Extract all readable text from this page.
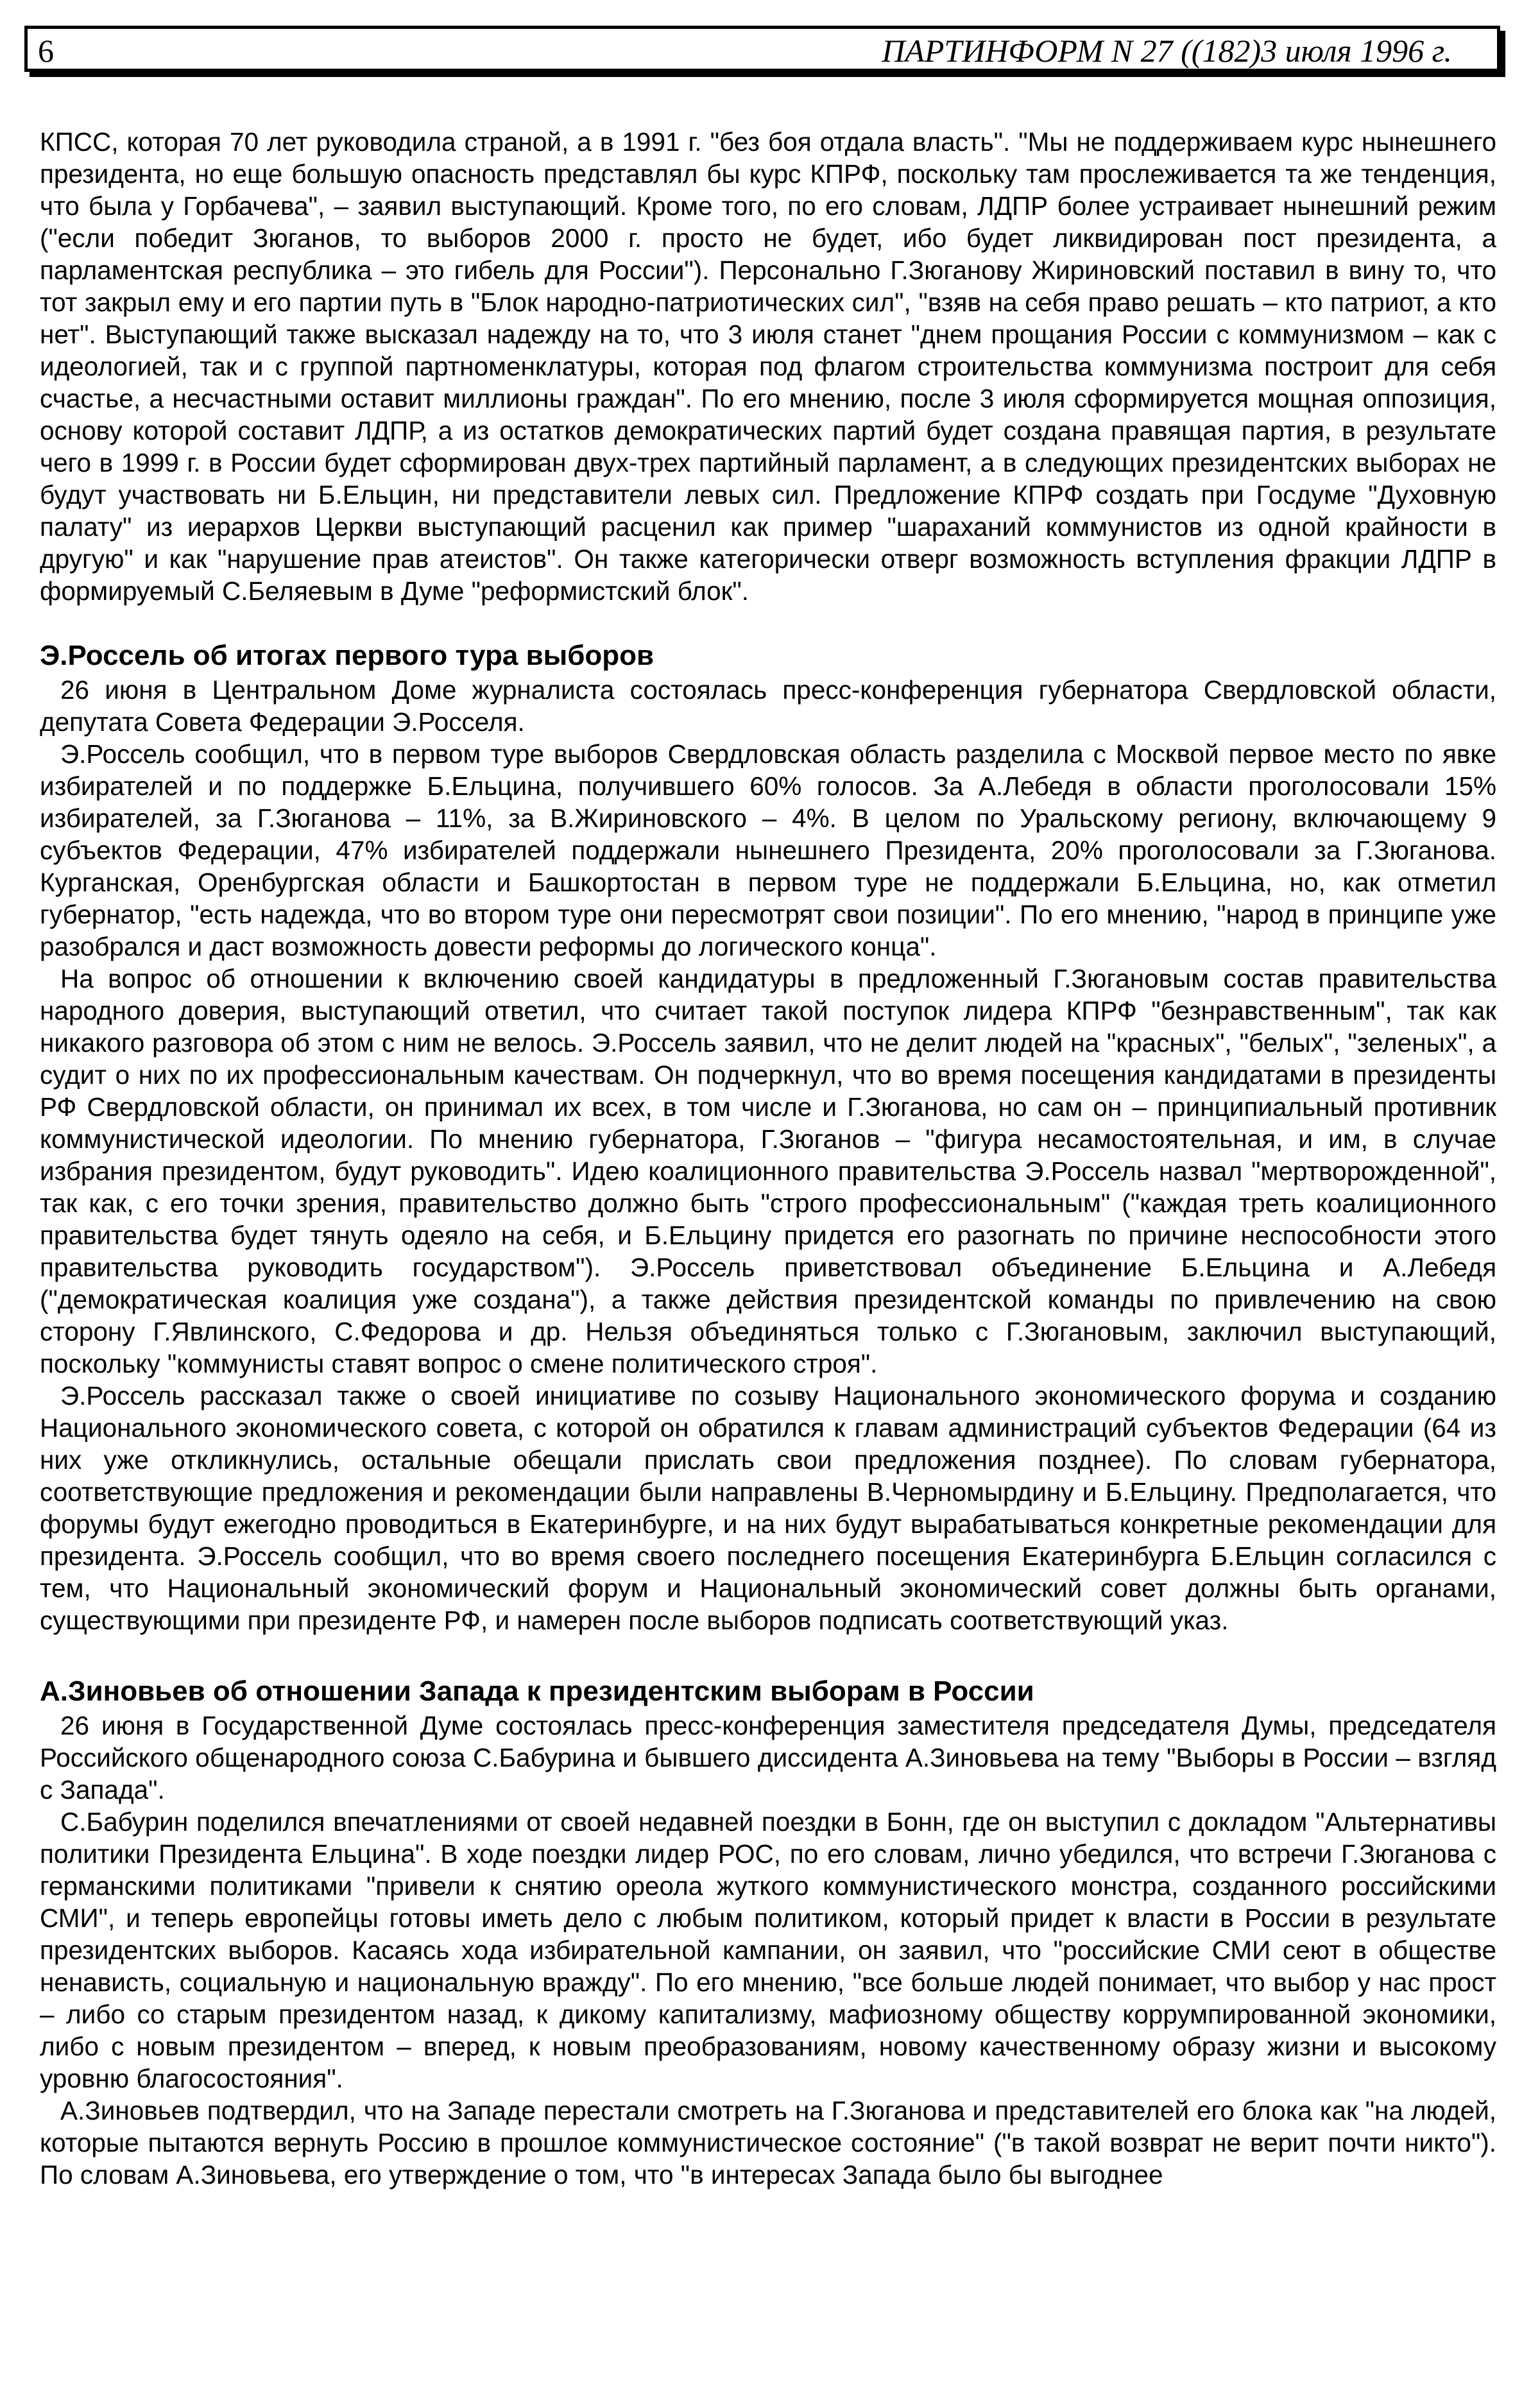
6	ПАРТИНФОРМ N 27 ((182)3 июля 1996 г.

КПСС, которая 70 лет руководила страной, а в 1991 г. "без боя отдала власть". "Мы не поддерживаем курс нынешнего президента, но еще большую опасность представлял бы курс КПРФ, поскольку там прослеживается та же тенденция, что была у Горбачева", – заявил выступающий. Кроме того, по его словам, ЛДПР более устраивает нынешний режим ("если победит Зюганов, то выборов 2000 г. просто не будет, ибо будет ликвидирован пост президента, а парламентская республика – это гибель для России"). Персонально Г.Зюганову Жириновский поставил в вину то, что тот закрыл ему и его партии путь в "Блок народно-патриотических сил", "взяв на себя право решать – кто патриот, а кто нет". Выступающий также высказал надежду на то, что 3 июля станет "днем прощания России с коммунизмом – как с идеологией, так и с группой партноменклатуры, которая под флагом строительства коммунизма построит для себя счастье, а несчастными оставит миллионы граждан". По его мнению, после 3 июля сформируется мощная оппозиция, основу которой составит ЛДПР, а из остатков демократических партий будет создана правящая партия, в результате чего в 1999 г. в России будет сформирован двух-трех партийный парламент, а в следующих президентских выборах не будут участвовать ни Б.Ельцин, ни представители левых сил. Предложение КПРФ создать при Госдуме "Духовную палату" из иерархов Церкви выступающий расценил как пример "шараханий коммунистов из одной крайности в другую" и как "нарушение прав атеистов". Он также категорически отверг возможность вступления фракции ЛДПР в формируемый С.Беляевым в Думе "реформистский блок".

Э.Россель об итогах первого тура выборов

26 июня в Центральном Доме журналиста состоялась пресс-конференция губернатора Свердловской области, депутата Совета Федерации Э.Росселя.

Э.Россель сообщил, что в первом туре выборов Свердловская область разделила с Москвой первое место по явке избирателей и по поддержке Б.Ельцина, получившего 60% голосов. За А.Лебедя в области проголосовали 15% избирателей, за Г.Зюганова – 11%, за В.Жириновского – 4%. В целом по Уральскому региону, включающему 9 субъектов Федерации, 47% избирателей поддержали нынешнего Президента, 20% проголосовали за Г.Зюганова. Курганская, Оренбургская области и Башкортостан в первом туре не поддержали Б.Ельцина, но, как отметил губернатор, "есть надежда, что во втором туре они пересмотрят свои позиции". По его мнению, "народ в принципе уже разобрался и даст возможность довести реформы до логического конца".

На вопрос об отношении к включению своей кандидатуры в предложенный Г.Зюгановым состав правительства народного доверия, выступающий ответил, что считает такой поступок лидера КПРФ "безнравственным", так как никакого разговора об этом с ним не велось. Э.Россель заявил, что не делит людей на "красных", "белых", "зеленых", а судит о них по их профессиональным качествам. Он подчеркнул, что во время посещения кандидатами в президенты РФ Свердловской области, он принимал их всех, в том числе и Г.Зюганова, но сам он – принципиальный противник коммунистической идеологии. По мнению губернатора, Г.Зюганов – "фигура несамостоятельная, и им, в случае избрания президентом, будут руководить". Идею коалиционного правительства Э.Россель назвал "мертворожденной", так как, с его точки зрения, правительство должно быть "строго профессиональным" ("каждая треть коалиционного правительства будет тянуть одеяло на себя, и Б.Ельцину придется его разогнать по причине неспособности этого правительства руководить государством"). Э.Россель приветствовал объединение Б.Ельцина и А.Лебедя ("демократическая коалиция уже создана"), а также действия президентской команды по привлечению на свою сторону Г.Явлинского, С.Федорова и др. Нельзя объединяться только с Г.Зюгановым, заключил выступающий, поскольку "коммунисты ставят вопрос о смене политического строя".

Э.Россель рассказал также о своей инициативе по созыву Национального экономического форума и созданию Национального экономического совета, с которой он обратился к главам администраций субъектов Федерации (64 из них уже откликнулись, остальные обещали прислать свои предложения позднее). По словам губернатора, соответствующие предложения и рекомендации были направлены В.Черномырдину и Б.Ельцину. Предполагается, что форумы будут ежегодно проводиться в Екатеринбурге, и на них будут вырабатываться конкретные рекомендации для президента. Э.Россель сообщил, что во время своего последнего посещения Екатеринбурга Б.Ельцин согласился с тем, что Национальный экономический форум и Национальный экономический совет должны быть органами, существующими при президенте РФ, и намерен после выборов подписать соответствующий указ.

А.Зиновьев об отношении Запада к президентским выборам в России

26 июня в Государственной Думе состоялась пресс-конференция заместителя председателя Думы, председателя Российского общенародного союза С.Бабурина и бывшего диссидента А.Зиновьева на тему "Выборы в России – взгляд с Запада".

С.Бабурин поделился впечатлениями от своей недавней поездки в Бонн, где он выступил с докладом "Альтернативы политики Президента Ельцина". В ходе поездки лидер РОС, по его словам, лично убедился, что встречи Г.Зюганова с германскими политиками "привели к снятию ореола жуткого коммунистического монстра, созданного российскими СМИ", и теперь европейцы готовы иметь дело с любым политиком, который придет к власти в России в результате президентских выборов. Касаясь хода избирательной кампании, он заявил, что "российские СМИ сеют в обществе ненависть, социальную и национальную вражду". По его мнению, "все больше людей понимает, что выбор у нас прост – либо со старым президентом назад, к дикому капитализму, мафиозному обществу коррумпированной экономики, либо с новым президентом – вперед, к новым преобразованиям, новому качественному образу жизни и высокому уровню благосостояния".

А.Зиновьев подтвердил, что на Западе перестали смотреть на Г.Зюганова и представителей его блока как "на людей, которые пытаются вернуть Россию в прошлое коммунистическое состояние" ("в такой возврат не верит почти никто"). По словам А.Зиновьева, его утверждение о том, что "в интересах Запада было бы выгоднее
